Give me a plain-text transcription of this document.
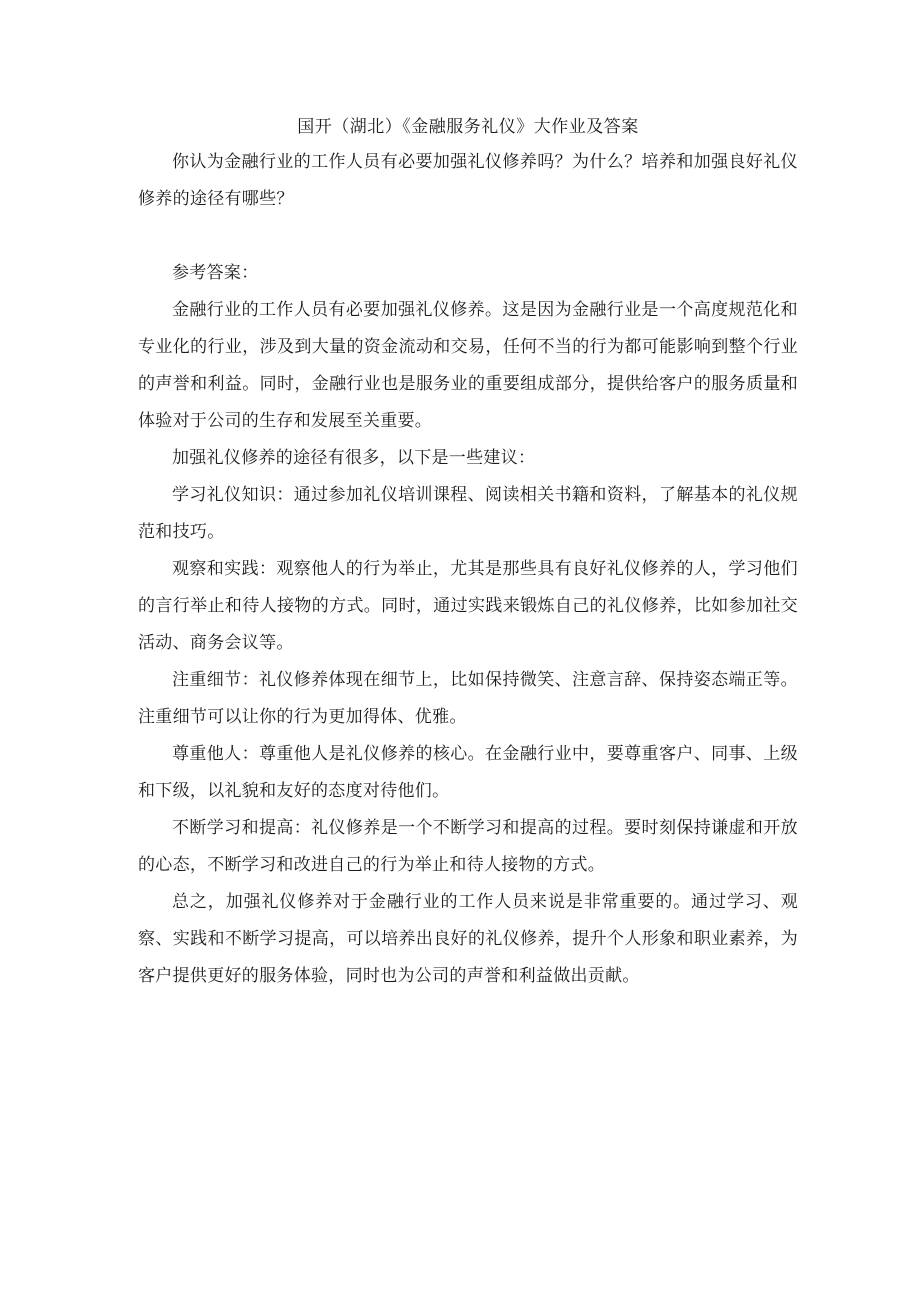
国开（湖北）《金融服务礼仪》大作业及答案

你认为金融行业的工作人员有必要加强礼仪修养吗？为什么？培养和加强良好礼仪修养的途径有哪些？

参考答案：

金融行业的工作人员有必要加强礼仪修养。这是因为金融行业是一个高度规范化和专业化的行业，涉及到大量的资金流动和交易，任何不当的行为都可能影响到整个行业的声誉和利益。同时，金融行业也是服务业的重要组成部分，提供给客户的服务质量和体验对于公司的生存和发展至关重要。

加强礼仪修养的途径有很多，以下是一些建议：

学习礼仪知识：通过参加礼仪培训课程、阅读相关书籍和资料，了解基本的礼仪规范和技巧。

观察和实践：观察他人的行为举止，尤其是那些具有良好礼仪修养的人，学习他们的言行举止和待人接物的方式。同时，通过实践来锻炼自己的礼仪修养，比如参加社交活动、商务会议等。

注重细节：礼仪修养体现在细节上，比如保持微笑、注意言辞、保持姿态端正等。注重细节可以让你的行为更加得体、优雅。

尊重他人：尊重他人是礼仪修养的核心。在金融行业中，要尊重客户、同事、上级和下级，以礼貌和友好的态度对待他们。

不断学习和提高：礼仪修养是一个不断学习和提高的过程。要时刻保持谦虚和开放的心态，不断学习和改进自己的行为举止和待人接物的方式。

总之，加强礼仪修养对于金融行业的工作人员来说是非常重要的。通过学习、观察、实践和不断学习提高，可以培养出良好的礼仪修养，提升个人形象和职业素养，为客户提供更好的服务体验，同时也为公司的声誉和利益做出贡献。
